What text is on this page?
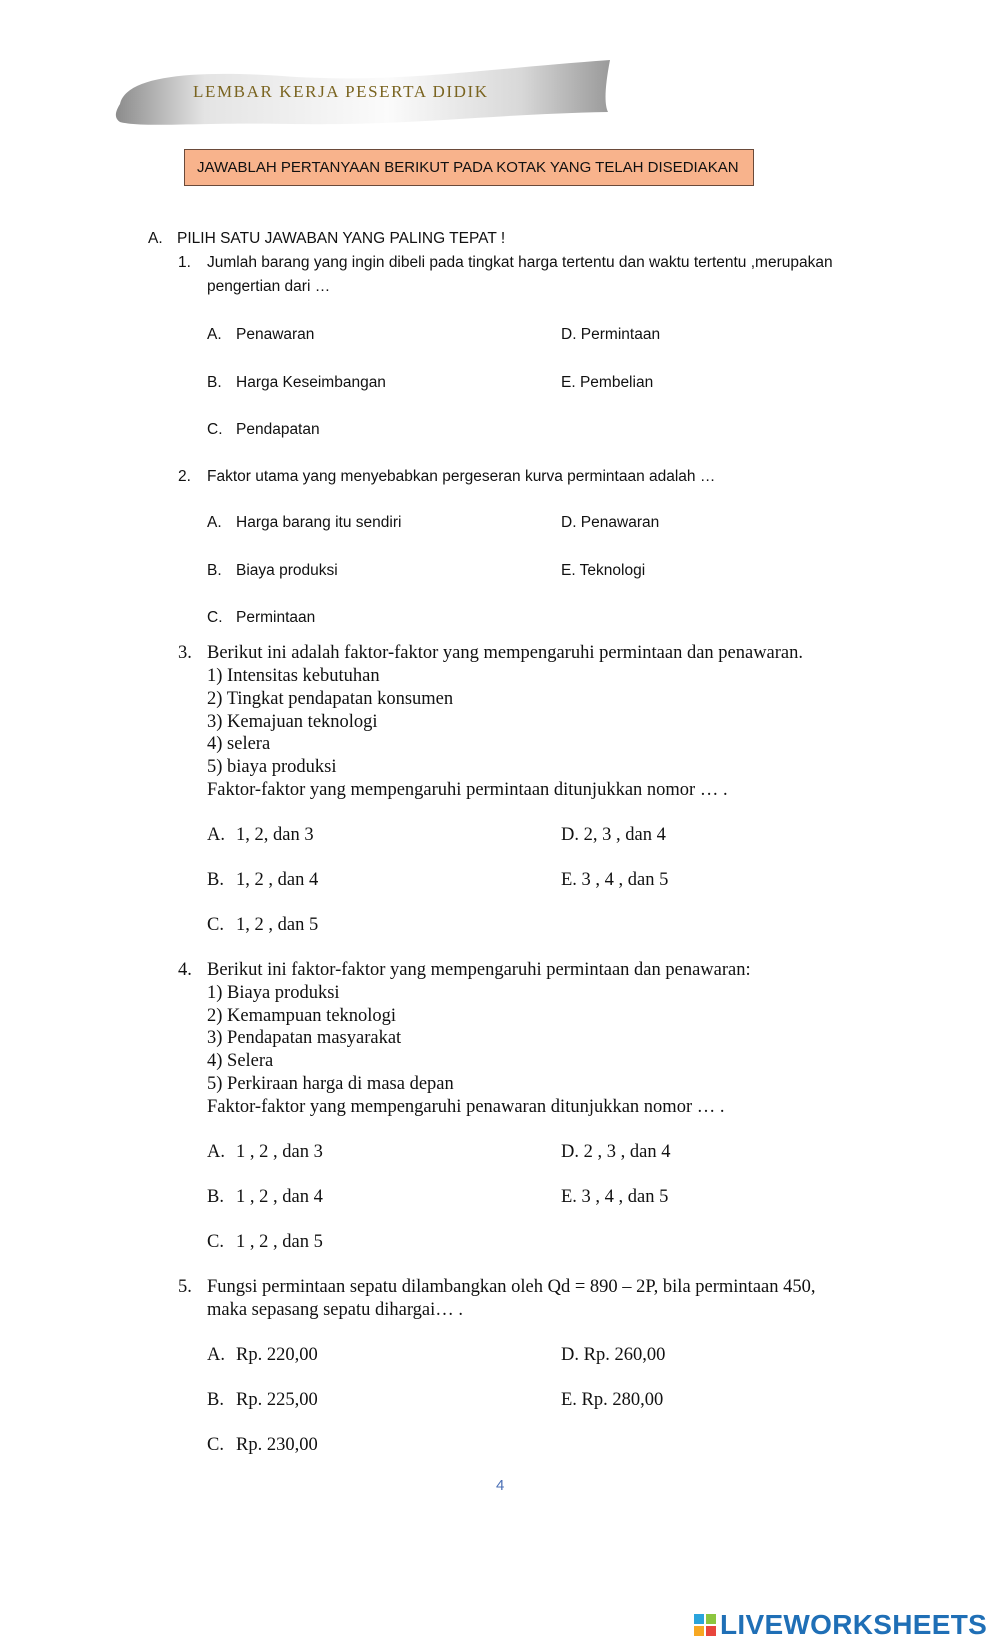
LEMBAR KERJA PESERTA DIDIK
JAWABLAH PERTANYAAN BERIKUT PADA KOTAK YANG TELAH DISEDIAKAN
A. PILIH SATU JAWABAN YANG PALING TEPAT !
1. Jumlah barang yang ingin dibeli pada tingkat harga tertentu dan waktu tertentu ,merupakan
pengertian dari …
A. Penawaran	D. Permintaan
B. Harga Keseimbangan	E. Pembelian
C. Pendapatan
2. Faktor utama yang menyebabkan pergeseran kurva permintaan adalah …
A. Harga barang itu sendiri	D. Penawaran
B. Biaya produksi	E. Teknologi
C. Permintaan
3. Berikut ini adalah faktor-faktor yang mempengaruhi permintaan dan penawaran.
1) Intensitas kebutuhan
2) Tingkat pendapatan konsumen
3) Kemajuan teknologi
4) selera
5) biaya produksi
Faktor-faktor yang mempengaruhi permintaan ditunjukkan nomor … .
A. 1, 2, dan 3	D. 2, 3 , dan 4
B. 1, 2 , dan 4	E. 3 , 4 , dan 5
C. 1, 2 , dan 5
4. Berikut ini faktor-faktor yang mempengaruhi permintaan dan penawaran:
1) Biaya produksi
2) Kemampuan teknologi
3) Pendapatan masyarakat
4) Selera
5) Perkiraan harga di masa depan
Faktor-faktor yang mempengaruhi penawaran ditunjukkan nomor … .
A. 1 , 2 , dan 3	D. 2 , 3 , dan 4
B. 1 , 2 , dan 4	E. 3 , 4 , dan 5
C. 1 , 2 , dan 5
5. Fungsi permintaan sepatu dilambangkan oleh Qd = 890 – 2P, bila permintaan 450,
maka sepasang sepatu dihargai… .
A. Rp. 220,00	D. Rp. 260,00
B. Rp. 225,00	E. Rp. 280,00
C. Rp. 230,00
4
LIVEWORKSHEETS
